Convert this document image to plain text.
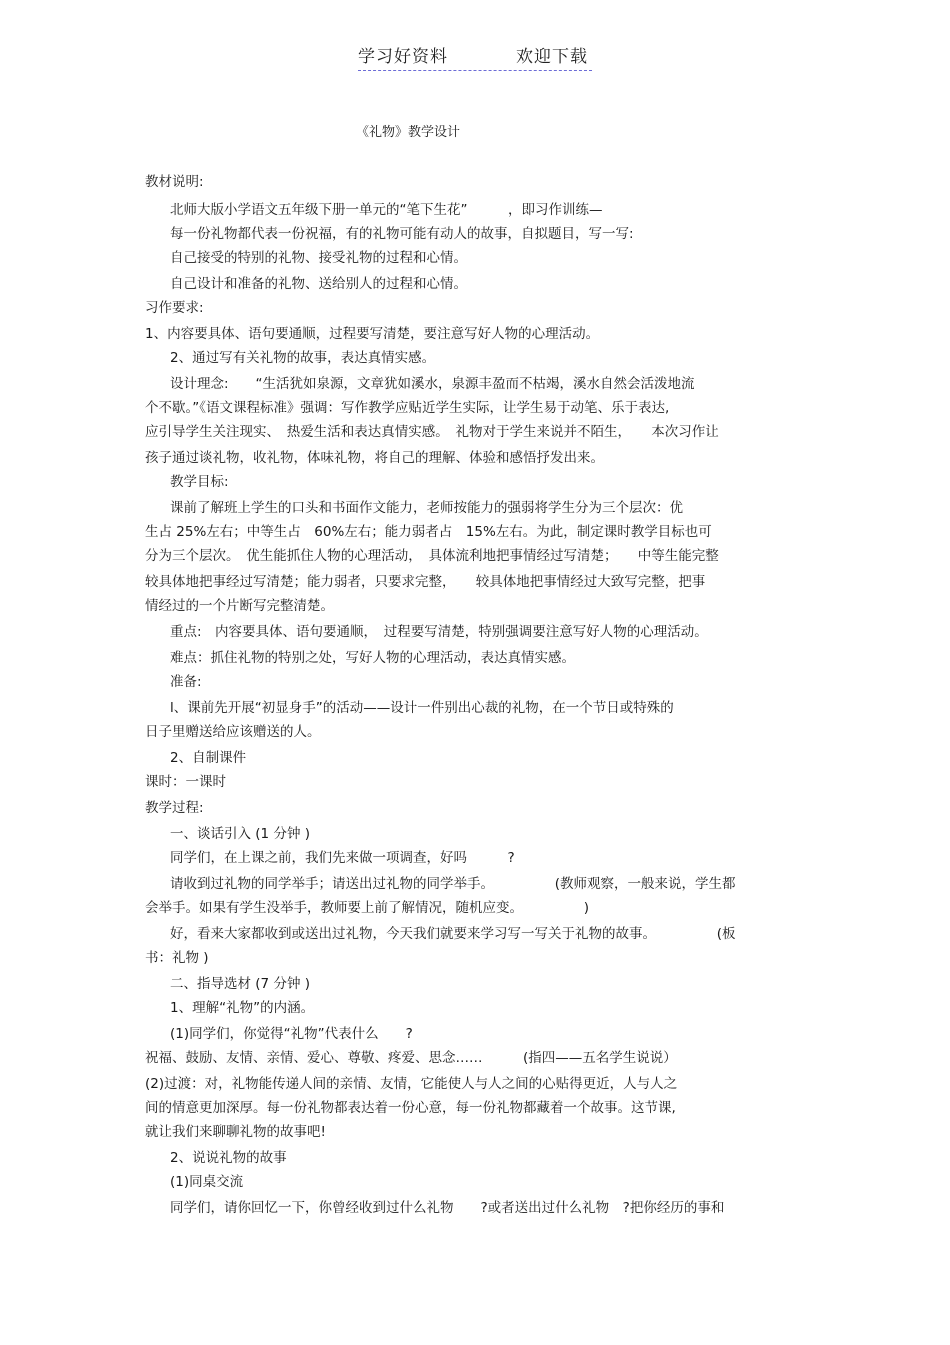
学习好资料	欢迎下载
《礼物》教学设计
教材说明:
北师大版小学语文五年级下册一单元的“笔下生花”　　　，即习作训练—
每一份礼物都代表一份祝福，有的礼物可能有动人的故事，自拟题目，写一写:
自己接受的特别的礼物、接受礼物的过程和心情。
自己设计和准备的礼物、送给别人的过程和心情。
习作要求:
1、内容要具体、语句要通顺，过程要写清楚，要注意写好人物的心理活动。
2、通过写有关礼物的故事，表达真情实感。
设计理念:　　“生活犹如泉源，文章犹如溪水，泉源丰盈而不枯竭，溪水自然会活泼地流
个不歇。”《语文课程标准》强调：写作教学应贴近学生实际，让学生易于动笔、乐于表达,
应引导学生关注现实、　热爱生活和表达真情实感。　礼物对于学生来说并不陌生，　　本次习作让
孩子通过谈礼物，收礼物，体味礼物，将自己的理解、体验和感悟抒发出来。
教学目标:
课前了解班上学生的口头和书面作文能力，老师按能力的强弱将学生分为三个层次：优
生占 25%左右；中等生占　60%左右；能力弱者占　15%左右。为此，制定课时教学目标也可
分为三个层次。　优生能抓住人物的心理活动，　具体流利地把事情经过写清楚；　　中等生能完整
较具体地把事经过写清楚；能力弱者，只要求完整，　　较具体地把事情经过大致写完整，把事
情经过的一个片断写完整清楚。
重点:　内容要具体、语句要通顺，　过程要写清楚，特别强调要注意写好人物的心理活动。
难点：抓住礼物的特别之处，写好人物的心理活动，表达真情实感。
准备:
l、课前先开展“初显身手”的活动——设计一件别出心裁的礼物，在一个节日或特殊的
日子里赠送给应该赠送的人。
2、自制课件
课时：一课时
教学过程:
一、谈话引入 (1 分钟 )
同学们，在上课之前，我们先来做一项调查，好吗　　　?
请收到过礼物的同学举手；请送出过礼物的同学举手。　　　　　(教师观察，一般来说，学生都
会举手。如果有学生没举手，教师要上前了解情况，随机应变。　　　　　)
好，看来大家都收到或送出过礼物，今天我们就要来学习写一写关于礼物的故事。　　　　　(板
书：礼物 )
二、指导选材 (7 分钟 )
1、理解“礼物”的内涵。
(1)同学们，你觉得“礼物”代表什么　　?
祝福、鼓励、友情、亲情、爱心、尊敬、疼爱、思念……　　　(指四——五名学生说说）
(2)过渡：对，礼物能传递人间的亲情、友情，它能使人与人之间的心贴得更近，人与人之
间的情意更加深厚。每一份礼物都表达着一份心意，每一份礼物都藏着一个故事。这节课,
就让我们来聊聊礼物的故事吧!
2、说说礼物的故事
(1)同桌交流
同学们，请你回忆一下，你曾经收到过什么礼物　　?或者送出过什么礼物　?把你经历的事和
